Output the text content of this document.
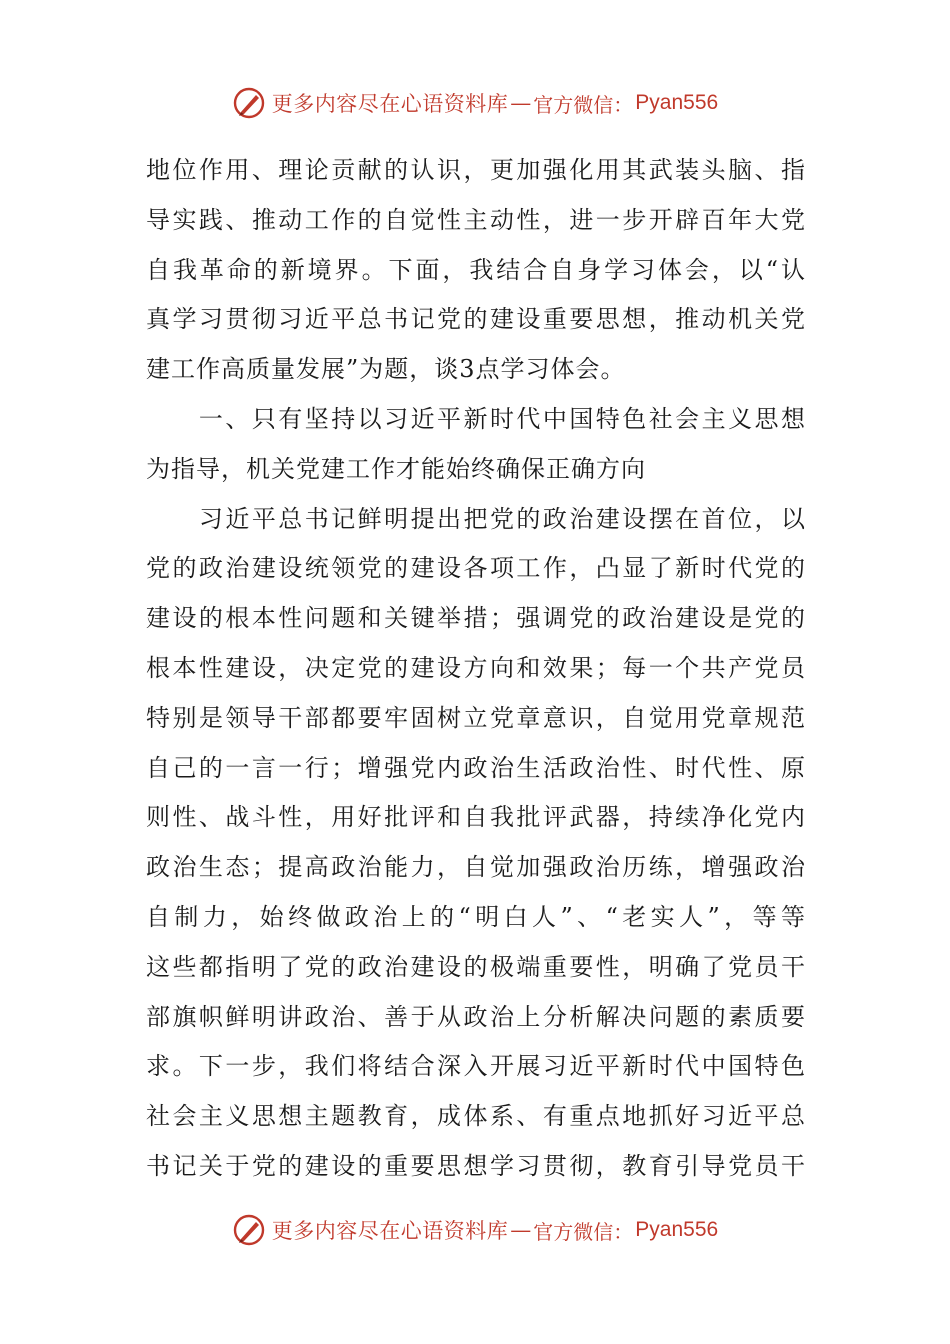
更多内容尽在心语资料库 — 官方微信： Pyan556
地位作用、理论贡献的认识，更加强化用其武装头脑、指
导实践、推动工作的自觉性主动性，进一步开辟百年大党
自我革命的新境界。下面，我结合自身学习体会，以“认
真学习贯彻习近平总书记党的建设重要思想，推动机关党
建工作高质量发展”为题，谈3点学习体会。
　　一、只有坚持以习近平新时代中国特色社会主义思想
为指导，机关党建工作才能始终确保正确方向
　　习近平总书记鲜明提出把党的政治建设摆在首位，以
党的政治建设统领党的建设各项工作，凸显了新时代党的
建设的根本性问题和关键举措；强调党的政治建设是党的
根本性建设，决定党的建设方向和效果；每一个共产党员
特别是领导干部都要牢固树立党章意识，自觉用党章规范
自己的一言一行；增强党内政治生活政治性、时代性、原
则性、战斗性，用好批评和自我批评武器，持续净化党内
政治生态；提高政治能力，自觉加强政治历练，增强政治
自制力，始终做政治上的“明白人”、“老实人”，等等
这些都指明了党的政治建设的极端重要性，明确了党员干
部旗帜鲜明讲政治、善于从政治上分析解决问题的素质要
求。下一步，我们将结合深入开展习近平新时代中国特色
社会主义思想主题教育，成体系、有重点地抓好习近平总
书记关于党的建设的重要思想学习贯彻，教育引导党员干
更多内容尽在心语资料库 — 官方微信： Pyan556
